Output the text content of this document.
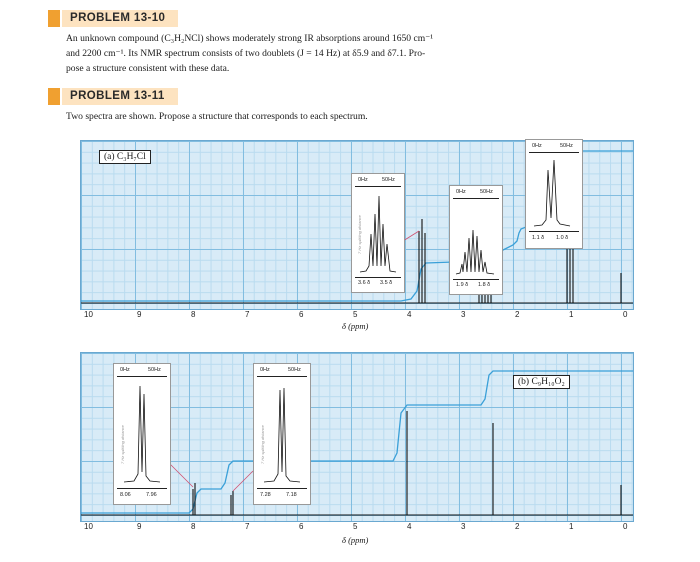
PROBLEM 13-10
An unknown compound (C₃H₂NCl) shows moderately strong IR absorptions around 1650 cm⁻¹
and 2200 cm⁻¹. Its NMR spectrum consists of two doublets (J = 14 Hz) at δ5.9 and δ7.1. Pro-
pose a structure consistent with these data.
PROBLEM 13-11
Two spectra are shown. Propose a structure that corresponds to each spectrum.
(a) C₃H₇Cl
0Hz	50Hz
7 Hz splitting distance
3.6 δ 3.5 δ
0Hz	50Hz
1.9 δ 1.8 δ
0Hz	50Hz
1.1 δ 1.0 δ
10	9	8	7	6	5	4	3	2	1	0
δ (ppm)
(b) C₉H₁₀O₂
0Hz	50Hz
7 Hz splitting distance
8.06	7.96
0Hz	50Hz
7 Hz splitting distance
7.28	7.18
10	9	8	7	6	5	4	3	2	1	0
δ (ppm)
